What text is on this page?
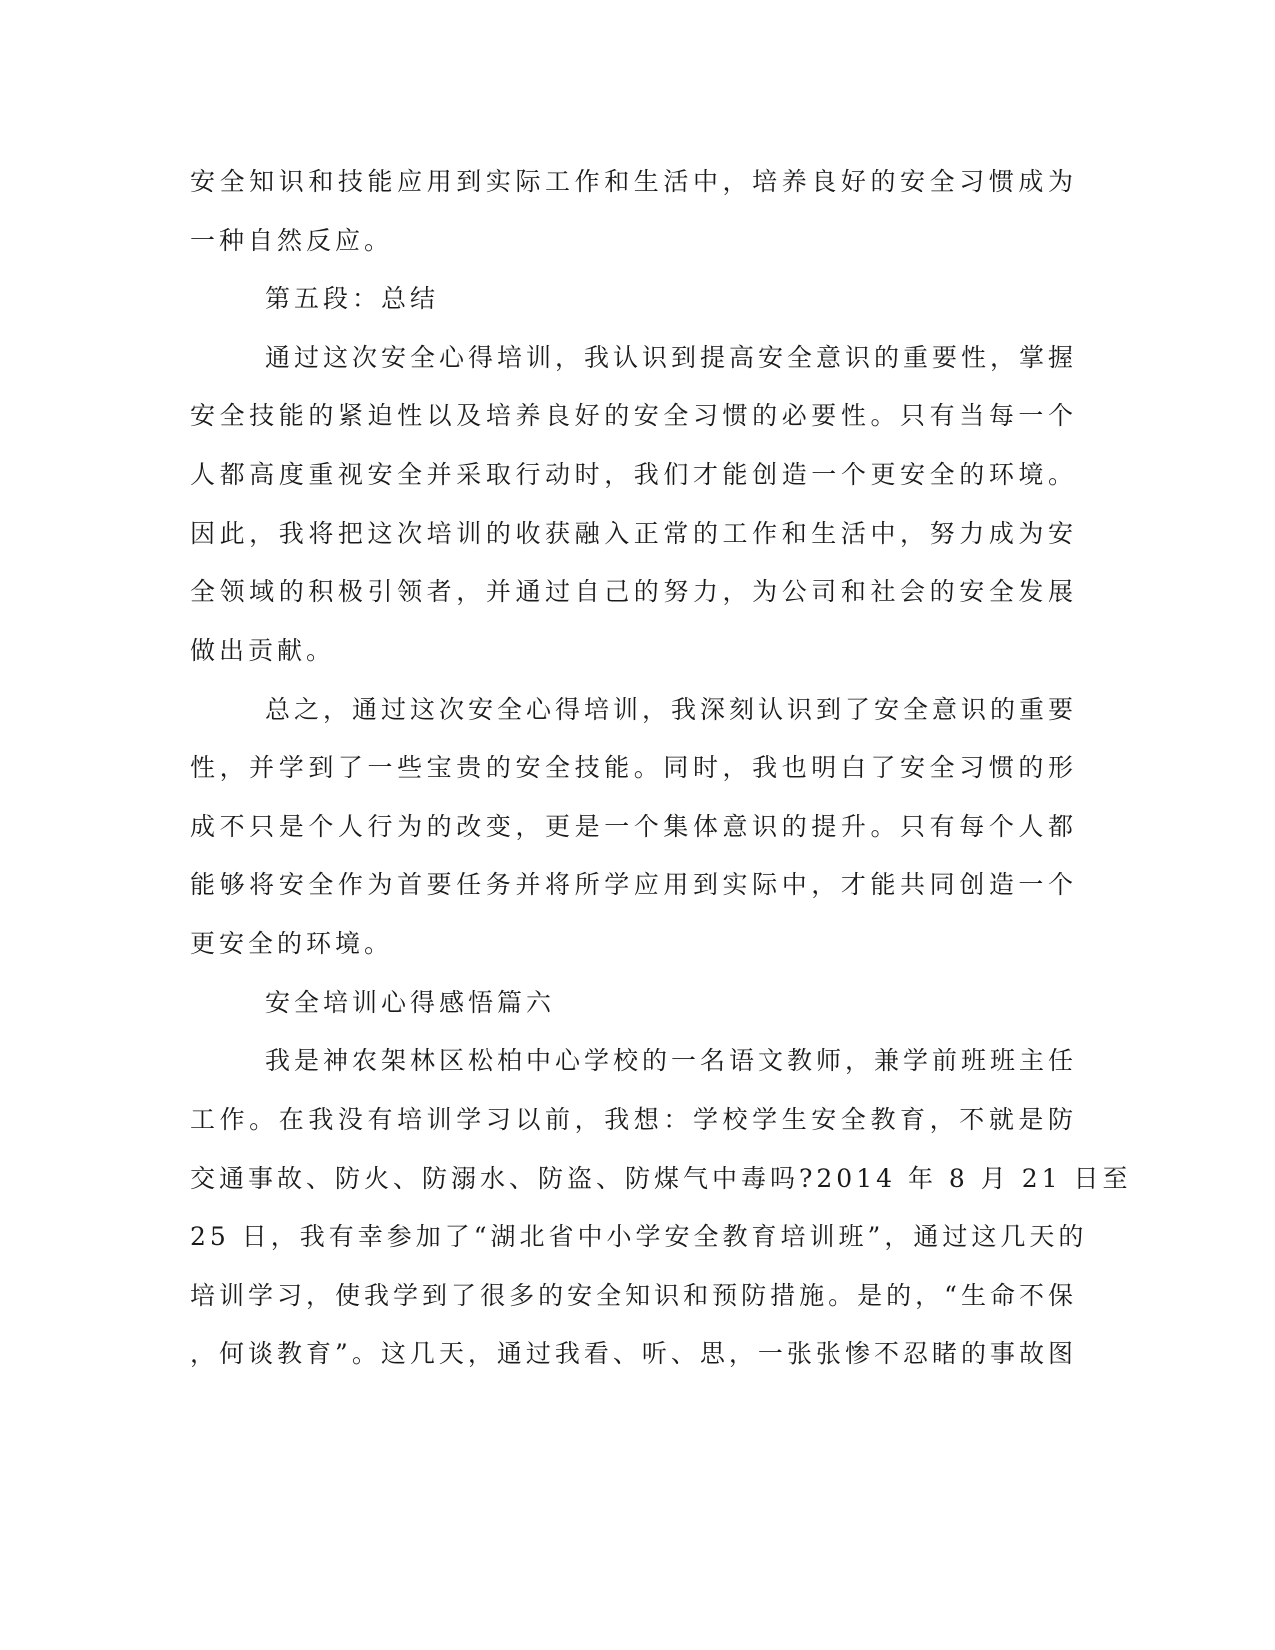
安全知识和技能应用到实际工作和生活中，培养良好的安全习惯成为
一种自然反应。
第五段：总结
通过这次安全心得培训，我认识到提高安全意识的重要性，掌握
安全技能的紧迫性以及培养良好的安全习惯的必要性。只有当每一个
人都高度重视安全并采取行动时，我们才能创造一个更安全的环境。
因此，我将把这次培训的收获融入正常的工作和生活中，努力成为安
全领域的积极引领者，并通过自己的努力，为公司和社会的安全发展
做出贡献。
总之，通过这次安全心得培训，我深刻认识到了安全意识的重要
性，并学到了一些宝贵的安全技能。同时，我也明白了安全习惯的形
成不只是个人行为的改变，更是一个集体意识的提升。只有每个人都
能够将安全作为首要任务并将所学应用到实际中，才能共同创造一个
更安全的环境。
安全培训心得感悟篇六
我是神农架林区松柏中心学校的一名语文教师，兼学前班班主任
工作。在我没有培训学习以前，我想：学校学生安全教育，不就是防
交通事故、防火、防溺水、防盗、防煤气中毒吗?2014 年 8 月 21 日至
25 日，我有幸参加了“湖北省中小学安全教育培训班”，通过这几天的
培训学习，使我学到了很多的安全知识和预防措施。是的，“生命不保
，何谈教育”。这几天，通过我看、听、思，一张张惨不忍睹的事故图
